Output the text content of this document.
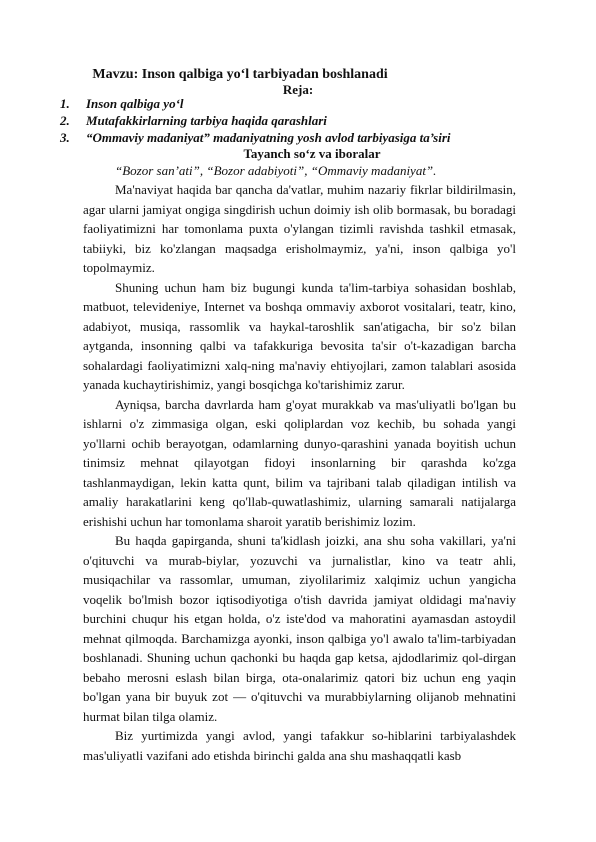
Mavzu: Inson qalbiga yo‘l tarbiyadan boshlanadi
Reja:
1. Inson qalbiga yo‘l
2. Mutafakkirlarning tarbiya haqida qarashlari
3. “Ommaviy madaniyat” madaniyatning yosh avlod tarbiyasiga ta’siri
Tayanch so‘z va iboralar
“Bozor san’ati”, “Bozor adabiyoti”, “Ommaviy madaniyat”.

Ma'naviyat haqida bar qancha da'vatlar, muhim nazariy fikrlar bildirilmasin, agar ularni jamiyat ongiga singdirish uchun doimiy ish olib bormasak, bu boradagi faoliyatimizni har tomonlama puxta o'ylangan tizimli ravishda tashkil etmasak, tabiiyki, biz ko'zlangan maqsadga erisholmaymiz, ya'ni, inson qalbiga yo'l topolmaymiz.

Shuning uchun ham biz bugungi kunda ta'lim-tarbiya sohasidan boshlab, matbuot, televideniye, Internet va boshqa ommaviy axborot vositalari, teatr, kino, adabiyot, musiqa, rassomlik va haykal-taroshlik san'atigacha, bir so'z bilan aytganda, insonning qalbi va tafakkuriga bevosita ta'sir o't-kazadigan barcha sohalardagi faoliyatimizni xalq-ning ma'naviy ehtiyojlari, zamon talablari asosida yanada kuchaytirishimiz, yangi bosqichga ko'tarishimiz zarur.

Ayniqsa, barcha davrlarda ham g'oyat murakkab va mas'uliyatli bo'lgan bu ishlarni o'z zimmasiga olgan, eski qoliplardan voz kechib, bu sohada yangi yo'llarni ochib berayotgan, odamlarning dunyo-qarashini yanada boyitish uchun tinimsiz mehnat qilayotgan fidoyi insonlarning bir qarashda ko'zga tashlanmaydigan, lekin katta qunt, bilim va tajribani talab qiladigan intilish va amaliy harakatlarini keng qo'llab-quwatlashimiz, ularning samarali natijalarga erishishi uchun har tomonlama sharoit yaratib berishimiz lozim.

Bu haqda gapirganda, shuni ta'kidlash joizki, ana shu soha vakillari, ya'ni o'qituvchi va murab-biylar, yozuvchi va jurnalistlar, kino va teatr ahli, musiqachilar va rassomlar, umuman, ziyolilarimiz xalqimiz uchun yangicha voqelik bo'lmish bozor iqtisodiyotiga o'tish davrida jamiyat oldidagi ma'naviy burchini chuqur his etgan holda, o'z iste'dod va mahoratini ayamasdan astoydil mehnat qilmoqda. Barchamizga ayonki, inson qalbiga yo'l awalo ta'lim-tarbiyadan boshlanadi. Shuning uchun qachonki bu haqda gap ketsa, ajdodlarimiz qol-dirgan bebaho merosni eslash bilan birga, ota-onalarimiz qatori biz uchun eng yaqin bo'lgan yana bir buyuk zot — o'qituvchi va murabbiylarning olijanob mehnatini hurmat bilan tilga olamiz.

Biz yurtimizda yangi avlod, yangi tafakkur so-hiblarini tarbiyalashdek mas'uliyatli vazifani ado etishda birinchi galda ana shu mashaqqatli kasb
